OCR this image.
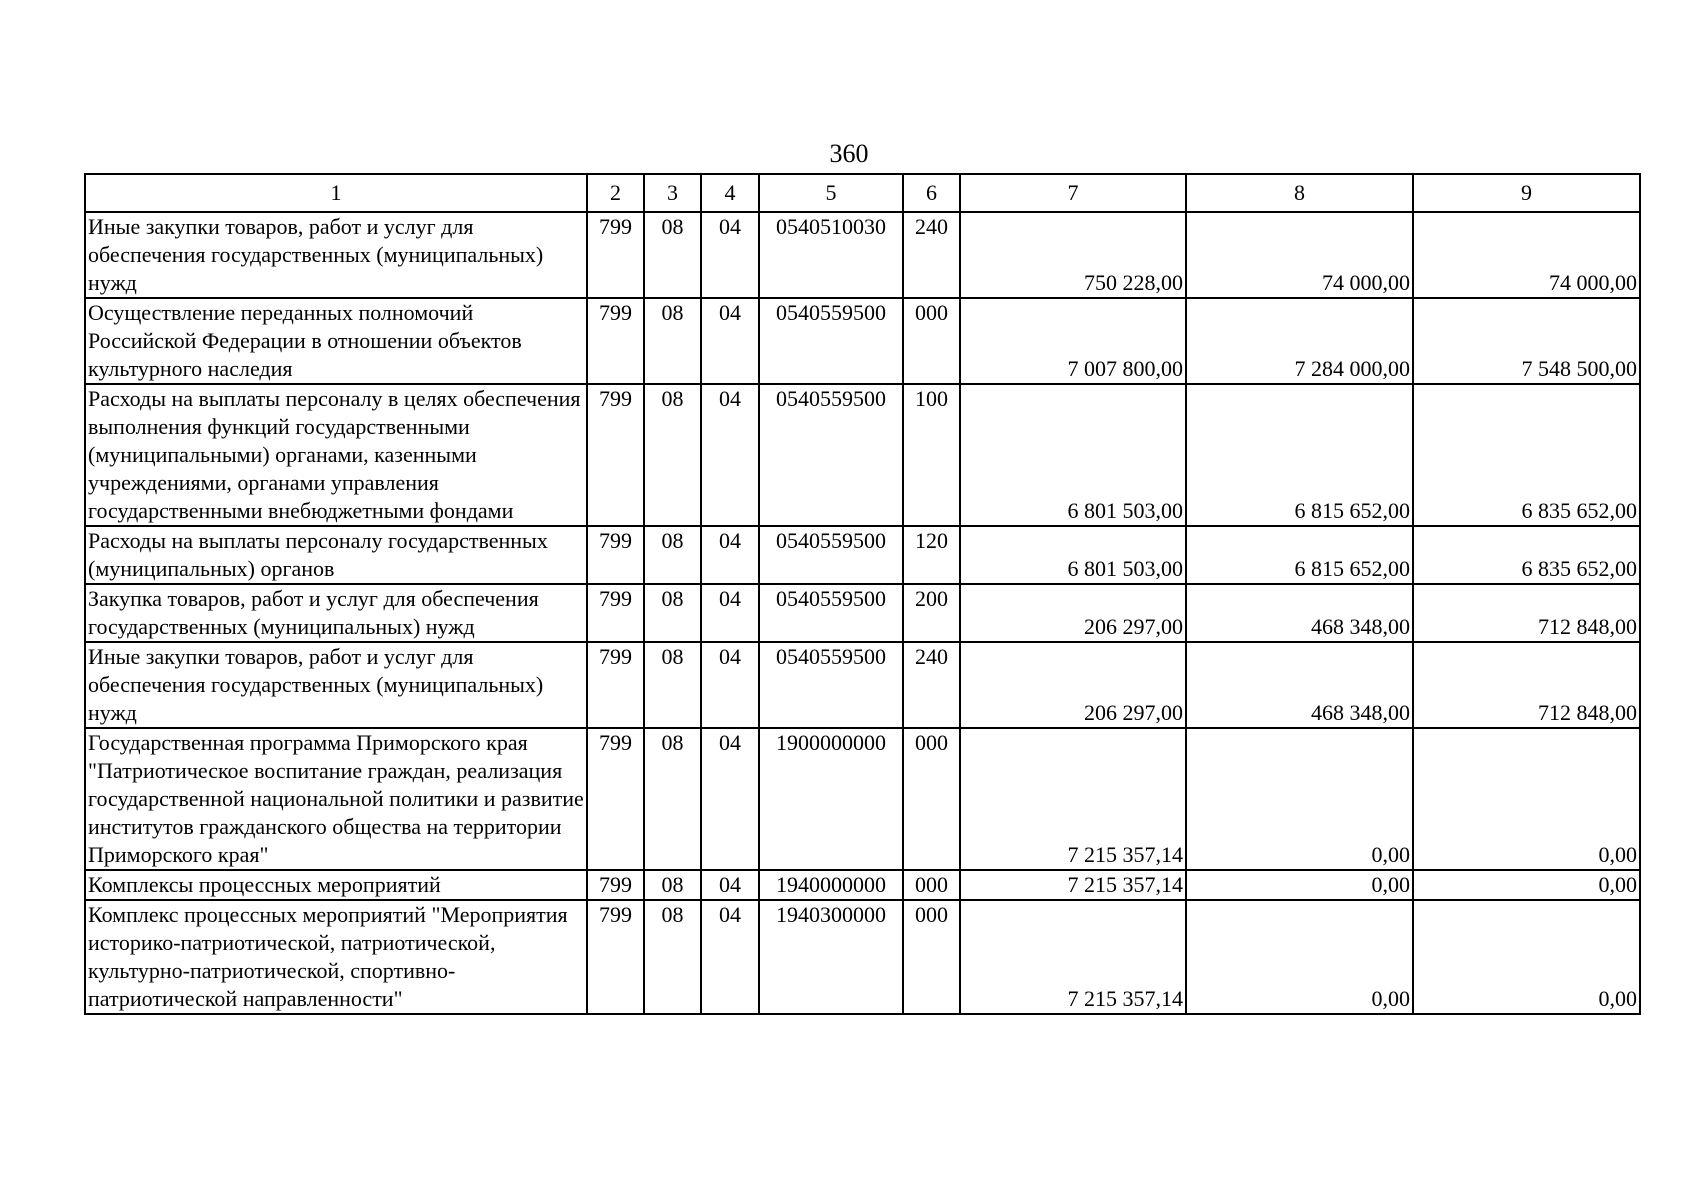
360
1	2	3	4	5	6	7	8	9
Иные закупки товаров, работ и услуг для обеспечения государственных (муниципальных) нужд	799	08	04	0540510030	240	750 228,00	74 000,00	74 000,00
Осуществление переданных полномочий Российской Федерации в отношении объектов культурного наследия	799	08	04	0540559500	000	7 007 800,00	7 284 000,00	7 548 500,00
Расходы на выплаты персоналу в целях обеспечения выполнения функций государственными (муниципальными) органами, казенными учреждениями, органами управления государственными внебюджетными фондами	799	08	04	0540559500	100	6 801 503,00	6 815 652,00	6 835 652,00
Расходы на выплаты персоналу государственных (муниципальных) органов	799	08	04	0540559500	120	6 801 503,00	6 815 652,00	6 835 652,00
Закупка товаров, работ и услуг для обеспечения государственных (муниципальных) нужд	799	08	04	0540559500	200	206 297,00	468 348,00	712 848,00
Иные закупки товаров, работ и услуг для обеспечения государственных (муниципальных) нужд	799	08	04	0540559500	240	206 297,00	468 348,00	712 848,00
Государственная программа Приморского края "Патриотическое воспитание граждан, реализация государственной национальной политики и развитие институтов гражданского общества на территории Приморского края"	799	08	04	1900000000	000	7 215 357,14	0,00	0,00
Комплексы процессных мероприятий	799	08	04	1940000000	000	7 215 357,14	0,00	0,00
Комплекс процессных мероприятий "Мероприятия историко-патриотической, патриотической, культурно-патриотической, спортивно-патриотической направленности"	799	08	04	1940300000	000	7 215 357,14	0,00	0,00
